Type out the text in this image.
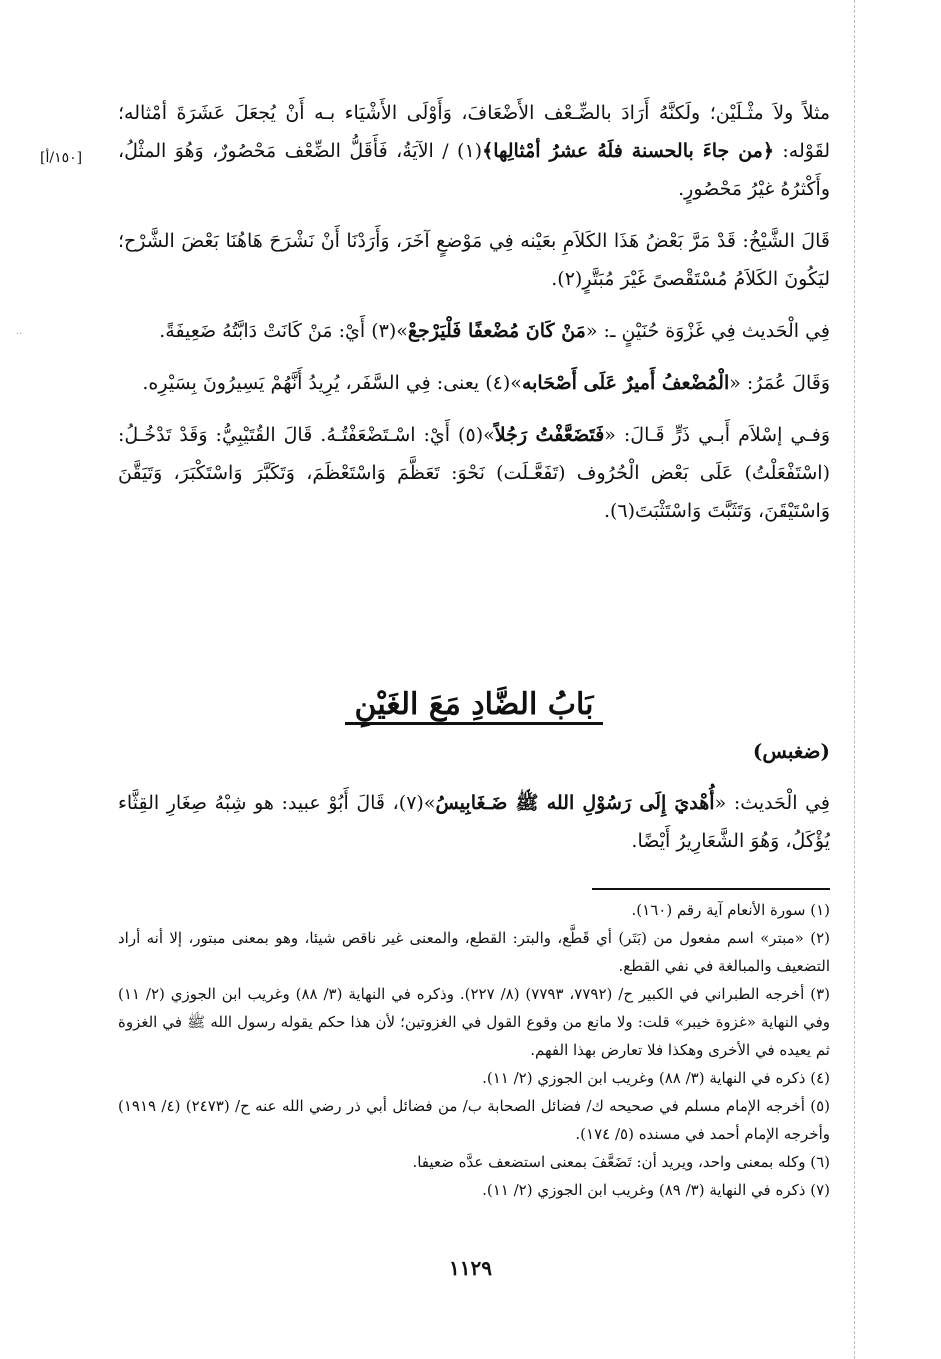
..
[١٥٠/أ]

مثلاً ولاَ مثْـلَيْن؛ ولَكنَّهُ أَرَادَ بالضِّـعْف الأَضْعَافَ، وَأَوْلَى الأَشْيَاء بـه أَنْ يُجعَلَ عَشَرَةَ أمْثاله؛ لقَوْله: ﴿من جاءَ بالحسنة فلَهُ عشرُ أمْثالِها﴾(١) / الآيَةُ، فَأَقَلُّ الضِّعْف مَحْصُورٌ، وَهُوَ المثْلُ، وأَكْثرُهُ غيْرُ مَحْصُورٍ.

قَالَ الشَّيْخُ: قَدْ مَرَّ بَعْضُ هَذَا الكَلاَمِ بعَيْنه فِي مَوْضعٍ آخَرَ، وَأَرَدْنَا أَنْ نَشْرَحَ هَاهُنَا بَعْضَ الشَّرْح؛ ليَكُونَ الكَلاَمُ مُسْتَقْصىً غَيْرَ مُبَتَّرٍ(٢).

فِي الْحَديث فِي غَزْوَة حُنَيْنٍ ـ: «مَنْ كَانَ مُضْعفًا فَلْيَرْجعْ»(٣) أَيْ: مَنْ كَانَتْ دَابَّتُهُ ضَعِيفَةً.

وَقَالَ عُمَرُ: «الْمُضْعفُ أَميرٌ عَلَى أَصْحَابه»(٤) يعنى: فِي السَّفَر، يُرِيدُ أَنَّهُمْ يَسِيرُونَ بِسَيْرِه.

وَفـي إسْلاَم أَبـي ذَرٍّ قَـالَ: «فَتَضَعَّفْتُ رَجُلاً»(٥) أَيْ: اسْـتَضْعَفْتُـهُ. قَالَ القُتَيْبِيُّ: وَقَدْ تَدْخُـلُ: (اسْتَفْعَلْتُ) عَلَى بَعْض الْحُرُوف (تَفَعَّـلَت) نَحْوَ: تَعَظَّمَ وَاسْتَعْظَمَ، وَتَكَبَّرَ وَاسْتَكْبَرَ، وَتَيَقَّنَ وَاسْتَيْقَنَ، وَتَثَبَّتَ وَاسْتَثْبَتَ(٦).

بَابُ الضَّادِ مَعَ الغَيْنِ
(ضغبس)
فِي الْحَديث: «أُهْديَ إِلَى رَسُوْلِ الله ﷺ ضَـغَابِيسُ»(٧)، قَالَ أَبُوْ عبيد: هو شِبْهُ صِغَارِ القِثَّاء يُؤْكَلُ، وَهُوَ الشَّعَارِيرُ أَيْضًا.

(١) سورة الأنعام آية رقم (١٦٠).

(٢) «مبتر» اسم مفعول من (بَتَر) أي قَطَّع، والبتر: القطع، والمعنى غير ناقص شيئا، وهو بمعنى مبتور، إلا أنه أراد التضعيف والمبالغة في نفي القطع.

(٣) أخرجه الطبراني في الكبير ح/ (٧٧٩٢، ٧٧٩٣) (٨/ ٢٢٧). وذكره في النهاية (٣/ ٨٨) وغريب ابن الجوزي (٢/ ١١) وفي النهاية «غزوة خيبر» قلت: ولا مانع من وقوع القول في الغزوتين؛ لأن هذا حكم يقوله رسول الله ﷺ في الغزوة ثم يعيده في الأخرى وهكذا فلا تعارض بهذا الفهم.

(٤) ذكره في النهاية (٣/ ٨٨) وغريب ابن الجوزي (٢/ ١١).

(٥) أخرجه الإمام مسلم في صحيحه ك/ فضائل الصحابة ب/ من فضائل أبي ذر رضي الله عنه ح/ (٢٤٧٣) (٤/ ١٩١٩) وأخرجه الإمام أحمد في مسنده (٥/ ١٧٤).

(٦) وكله بمعنى واحد، ويريد أن: تَضَعَّفَ بمعنى استضعف عدَّه ضعيفا.

(٧) ذكره في النهاية (٣/ ٨٩) وغريب ابن الجوزي (٢/ ١١).

١١٢٩
